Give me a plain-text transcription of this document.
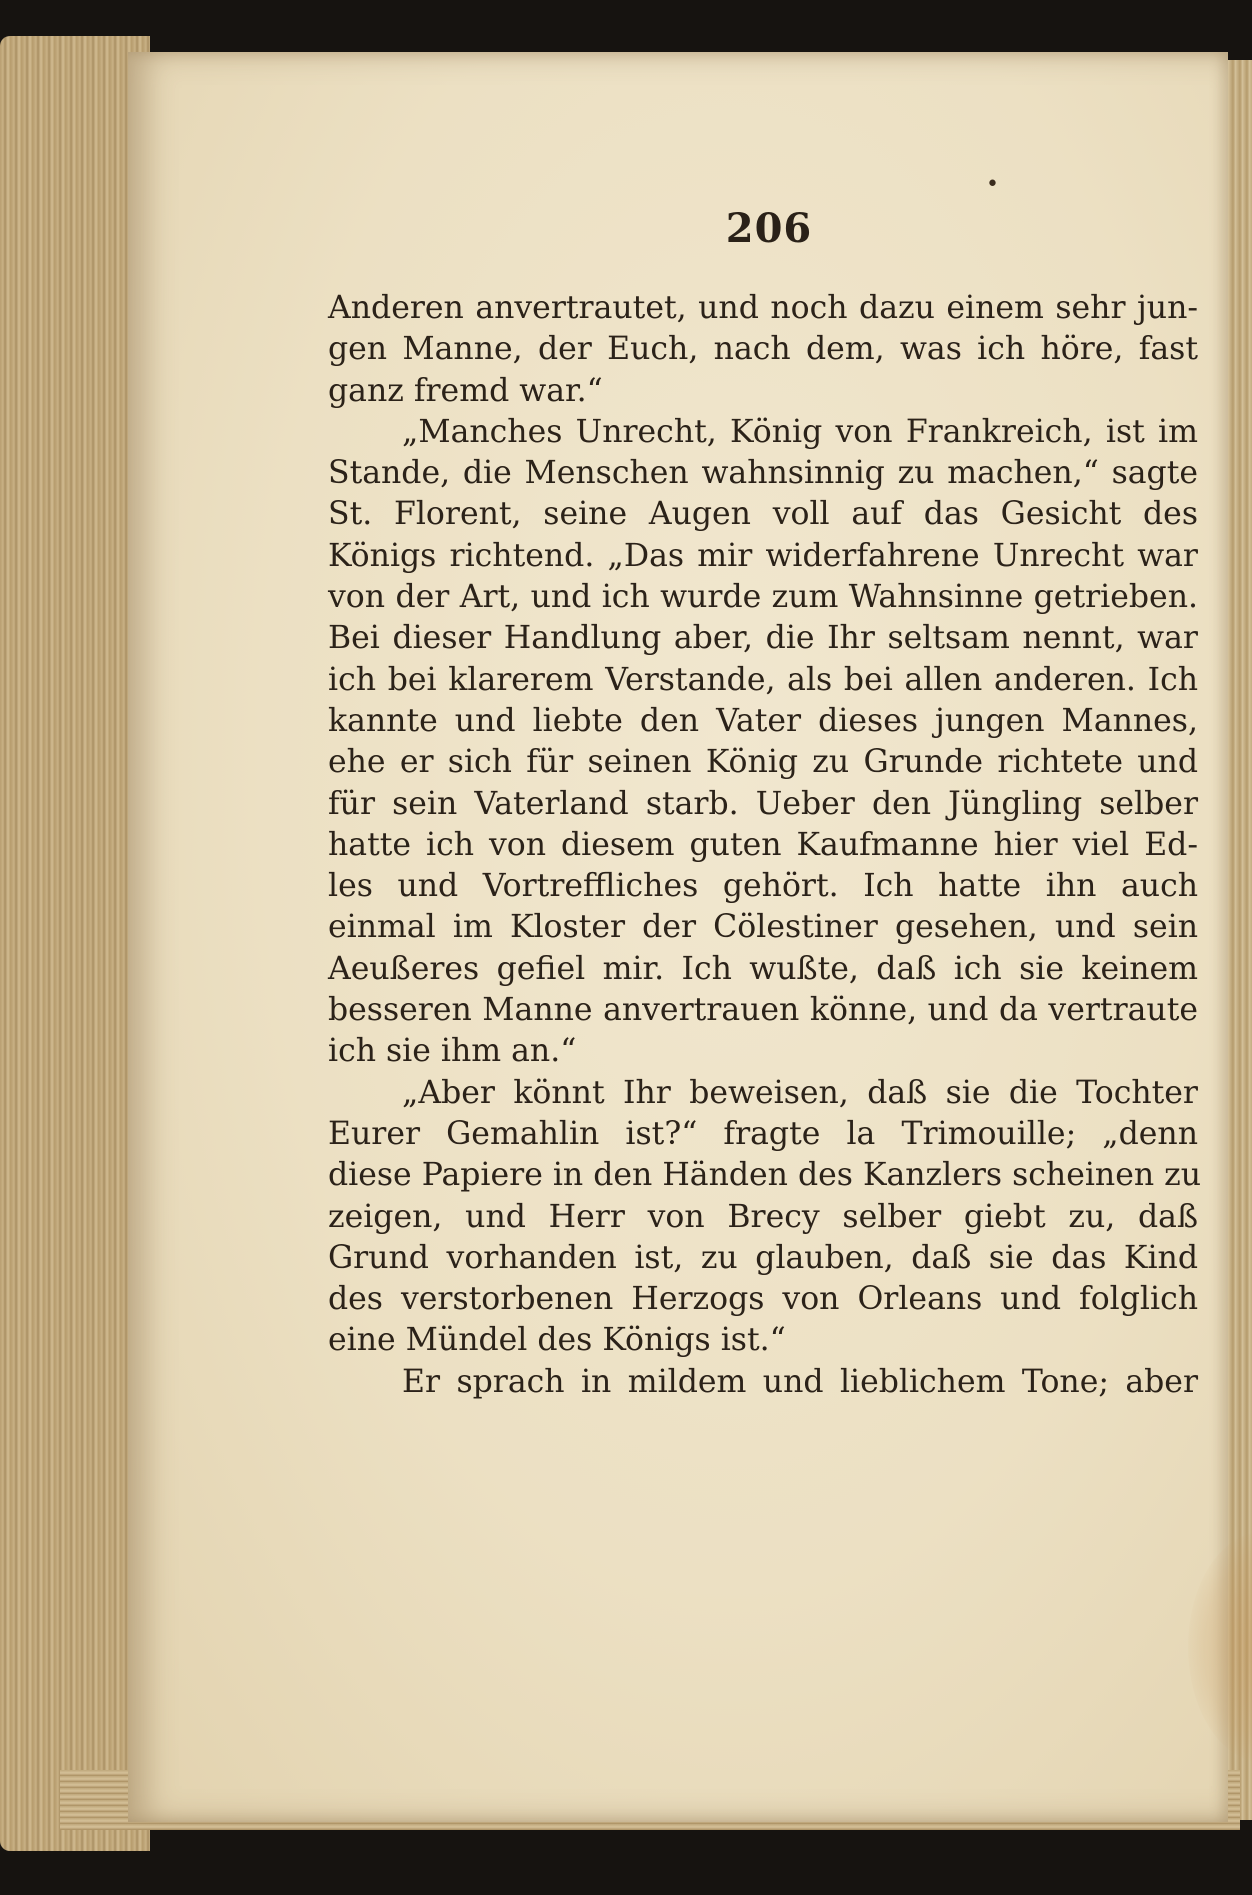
•
206
Anderen anvertrautet, und noch dazu einem sehr jun-
gen Manne, der Euch, nach dem, was ich höre, fast
ganz fremd war.“
„Manches Unrecht, König von Frankreich, ist im
Stande, die Menschen wahnsinnig zu machen,“ sagte
St. Florent, seine Augen voll auf das Gesicht des
Königs richtend. „Das mir widerfahrene Unrecht war
von der Art, und ich wurde zum Wahnsinne getrieben.
Bei dieser Handlung aber, die Ihr seltsam nennt, war
ich bei klarerem Verstande, als bei allen anderen. Ich
kannte und liebte den Vater dieses jungen Mannes,
ehe er sich für seinen König zu Grunde richtete und
für sein Vaterland starb. Ueber den Jüngling selber
hatte ich von diesem guten Kaufmanne hier viel Ed-
les und Vortreffliches gehört. Ich hatte ihn auch
einmal im Kloster der Cölestiner gesehen, und sein
Aeußeres gefiel mir. Ich wußte, daß ich sie keinem
besseren Manne anvertrauen könne, und da vertraute
ich sie ihm an.“
„Aber könnt Ihr beweisen, daß sie die Tochter
Eurer Gemahlin ist?“ fragte la Trimouille; „denn
diese Papiere in den Händen des Kanzlers scheinen zu
zeigen, und Herr von Brecy selber giebt zu, daß
Grund vorhanden ist, zu glauben, daß sie das Kind
des verstorbenen Herzogs von Orleans und folglich
eine Mündel des Königs ist.“
Er sprach in mildem und lieblichem Tone; aber
